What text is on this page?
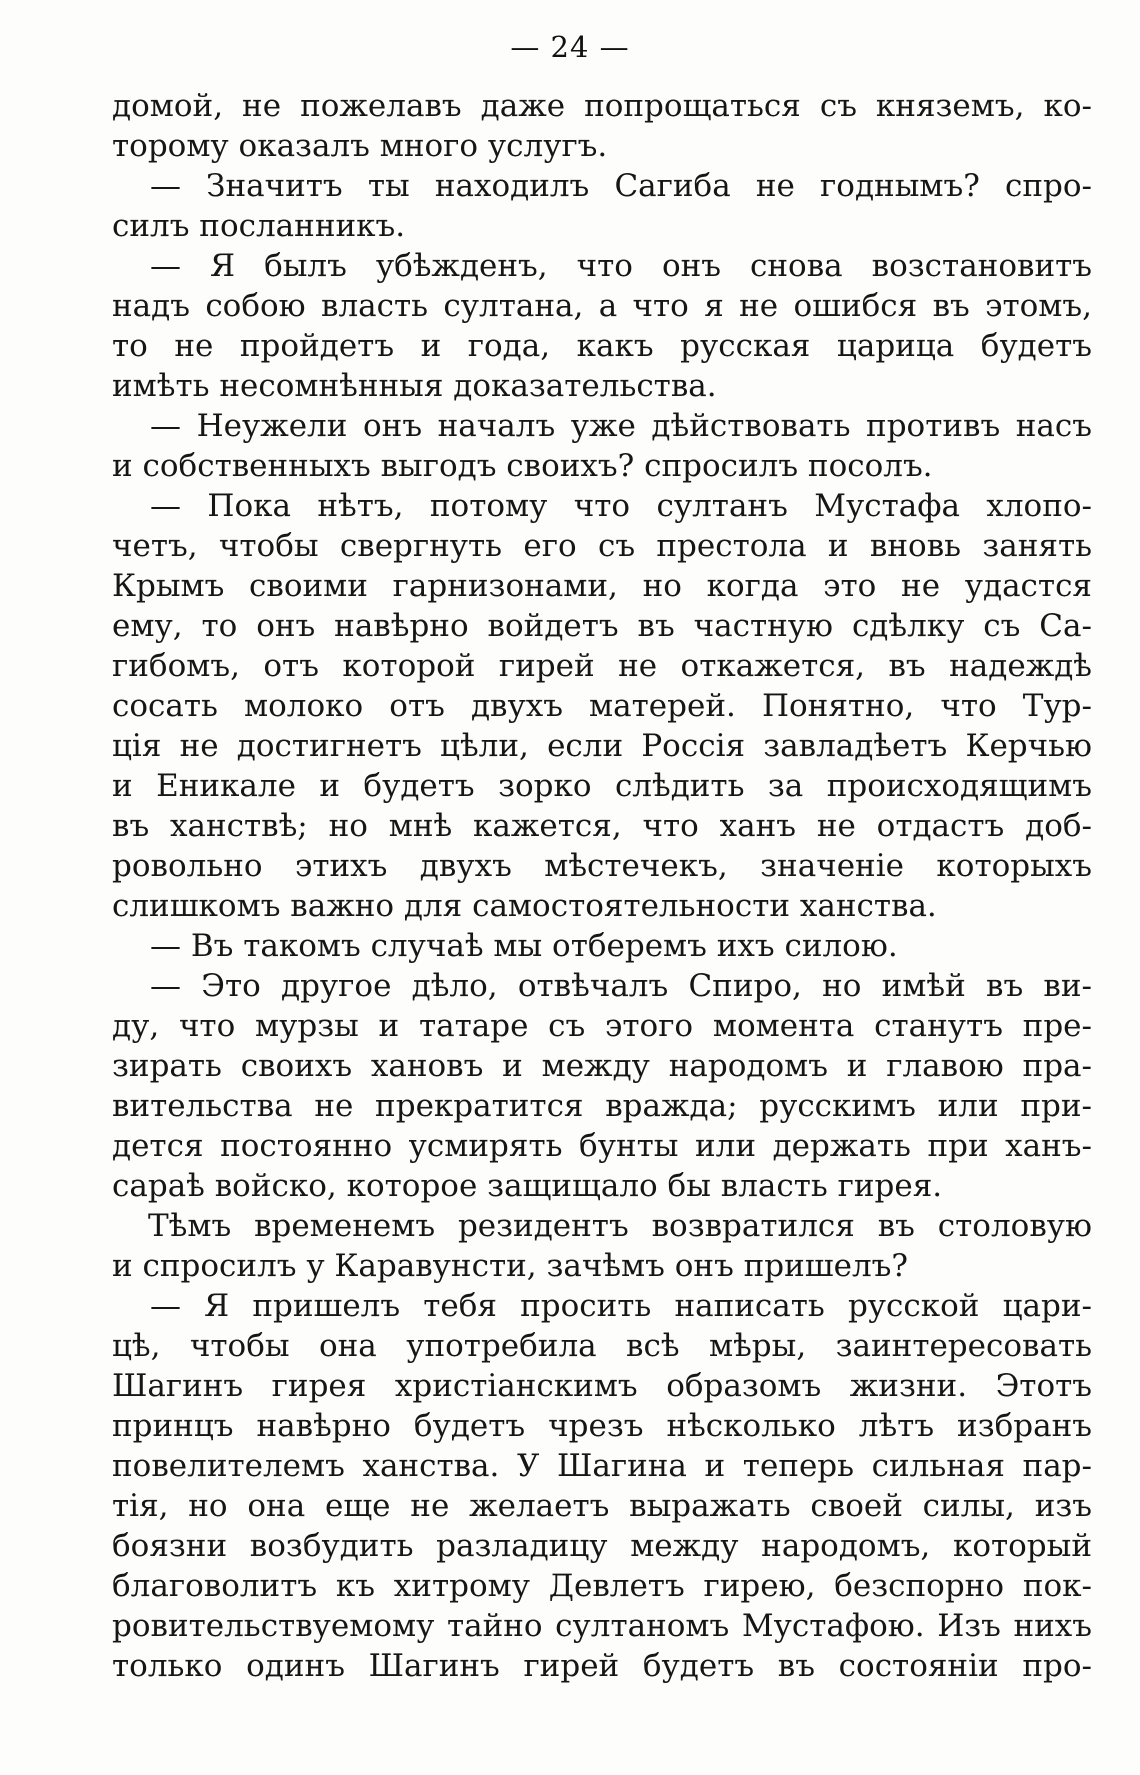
— 24 —
домой, не пожелавъ даже попрощаться съ княземъ, ко-
торому оказалъ много услугъ.
— Значитъ ты находилъ Сагиба не годнымъ? спро-
силъ посланникъ.
— Я былъ убѣжденъ, что онъ снова возстановитъ
надъ собою власть султана, а что я не ошибся въ этомъ,
то не пройдетъ и года, какъ русская царица будетъ
имѣть несомнѣнныя доказательства.
— Неужели онъ началъ уже дѣйствовать противъ насъ
и собственныхъ выгодъ своихъ? спросилъ посолъ.
— Пока нѣтъ, потому что султанъ Мустафа хлопо-
четъ, чтобы свергнуть его съ престола и вновь занять
Крымъ своими гарнизонами, но когда это не удастся
ему, то онъ навѣрно войдетъ въ частную сдѣлку съ Са-
гибомъ, отъ которой гирей не откажется, въ надеждѣ
сосать молоко отъ двухъ матерей. Понятно, что Тур-
ція не достигнетъ цѣли, если Россія завладѣетъ Керчью
и Еникале и будетъ зорко слѣдить за происходящимъ
въ ханствѣ; но мнѣ кажется, что ханъ не отдастъ доб-
ровольно этихъ двухъ мѣстечекъ, значеніе которыхъ
слишкомъ важно для самостоятельности ханства.
— Въ такомъ случаѣ мы отберемъ ихъ силою.
— Это другое дѣло, отвѣчалъ Спиро, но имѣй въ ви-
ду, что мурзы и татаре съ этого момента станутъ пре-
зирать своихъ хановъ и между народомъ и главою пра-
вительства не прекратится вражда; русскимъ или при-
дется постоянно усмирять бунты или держать при ханъ-
сараѣ войско, которое защищало бы власть гирея.
Тѣмъ временемъ резидентъ возвратился въ столовую
и спросилъ у Каравунсти, зачѣмъ онъ пришелъ?
— Я пришелъ тебя просить написать русской цари-
цѣ, чтобы она употребила всѣ мѣры, заинтересовать
Шагинъ гирея христіанскимъ образомъ жизни. Этотъ
принцъ навѣрно будетъ чрезъ нѣсколько лѣтъ избранъ
повелителемъ ханства. У Шагина и теперь сильная пар-
тія, но она еще не желаетъ выражать своей силы, изъ
боязни возбудить разладицу между народомъ, который
благоволитъ къ хитрому Девлетъ гирею, безспорно пок-
ровительствуемому тайно султаномъ Мустафою. Изъ нихъ
только одинъ Шагинъ гирей будетъ въ состояніи про-
